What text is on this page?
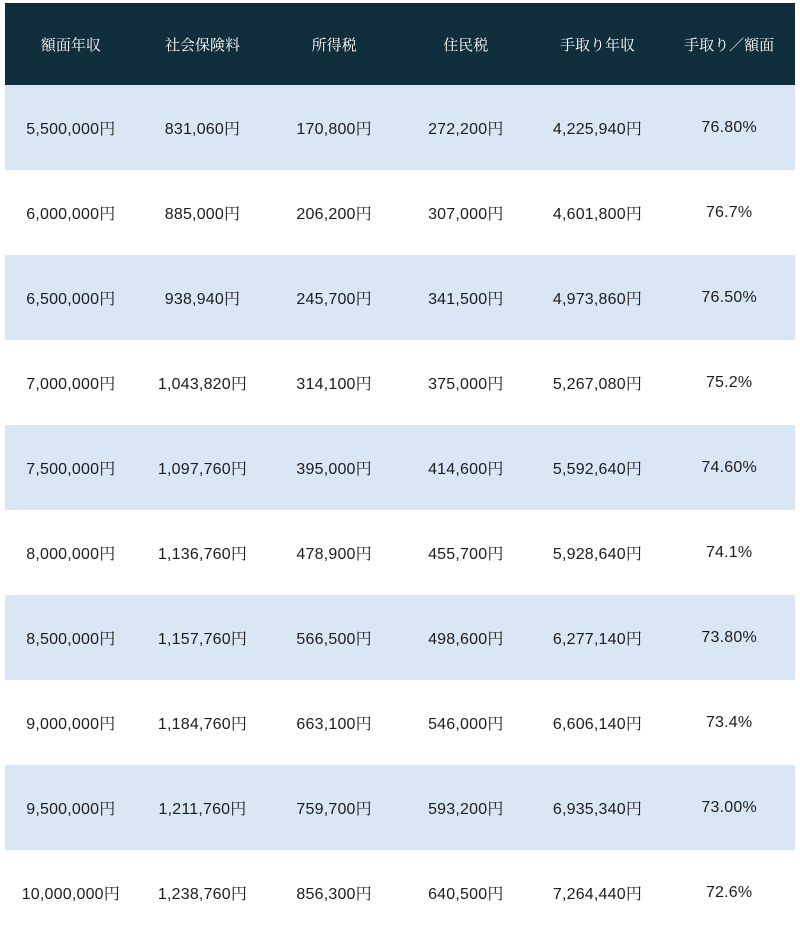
額面年収	社会保険料	所得税	住民税	手取り年収	手取り／額面
5,500,000円	831,060円	170,800円	272,200円	4,225,940円	76.80%
6,000,000円	885,000円	206,200円	307,000円	4,601,800円	76.7%
6,500,000円	938,940円	245,700円	341,500円	4,973,860円	76.50%
7,000,000円	1,043,820円	314,100円	375,000円	5,267,080円	75.2%
7,500,000円	1,097,760円	395,000円	414,600円	5,592,640円	74.60%
8,000,000円	1,136,760円	478,900円	455,700円	5,928,640円	74.1%
8,500,000円	1,157,760円	566,500円	498,600円	6,277,140円	73.80%
9,000,000円	1,184,760円	663,100円	546,000円	6,606,140円	73.4%
9,500,000円	1,211,760円	759,700円	593,200円	6,935,340円	73.00%
10,000,000円	1,238,760円	856,300円	640,500円	7,264,440円	72.6%
